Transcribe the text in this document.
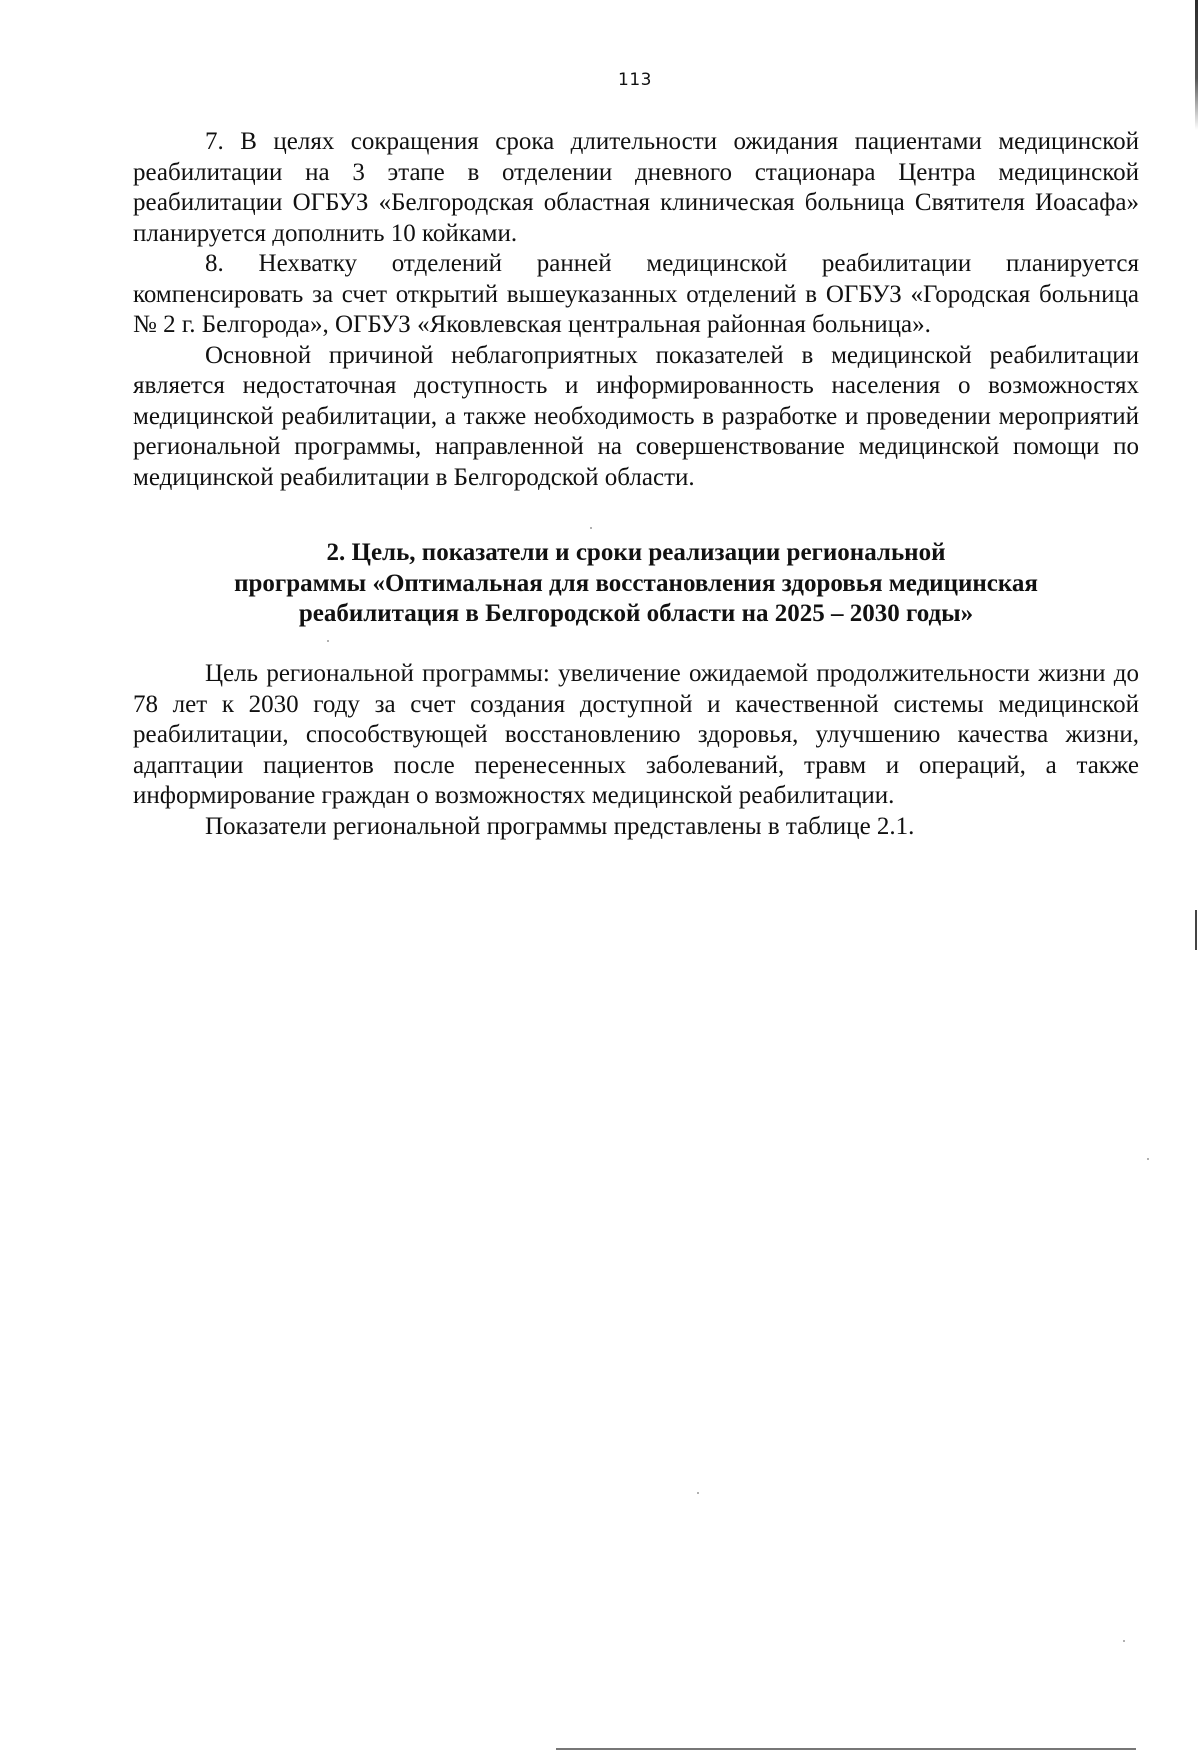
113

7. В целях сокращения срока длительности ожидания пациентами медицинской реабилитации на 3 этапе в отделении дневного стационара Центра медицинской реабилитации ОГБУЗ «Белгородская областная клиническая больница Святителя Иоасафа» планируется дополнить 10 койками.

8. Нехватку отделений ранней медицинской реабилитации планируется компенсировать за счет открытий вышеуказанных отделений в ОГБУЗ «Городская больница № 2 г. Белгорода», ОГБУЗ «Яковлевская центральная районная больница».

Основной причиной неблагоприятных показателей в медицинской реабилитации является недостаточная доступность и информированность населения о возможностях медицинской реабилитации, а также необходимость в разработке и проведении мероприятий региональной программы, направленной на совершенствование медицинской помощи по медицинской реабилитации в Белгородской области.

2. Цель, показатели и сроки реализации региональной
программы «Оптимальная для восстановления здоровья медицинская
реабилитация в Белгородской области на 2025 – 2030 годы»

Цель региональной программы: увеличение ожидаемой продолжительности жизни до 78 лет к 2030 году за счет создания доступной и качественной системы медицинской реабилитации, способствующей восстановлению здоровья, улучшению качества жизни, адаптации пациентов после перенесенных заболеваний, травм и операций, а также информирование граждан о возможностях медицинской реабилитации.

Показатели региональной программы представлены в таблице 2.1.
